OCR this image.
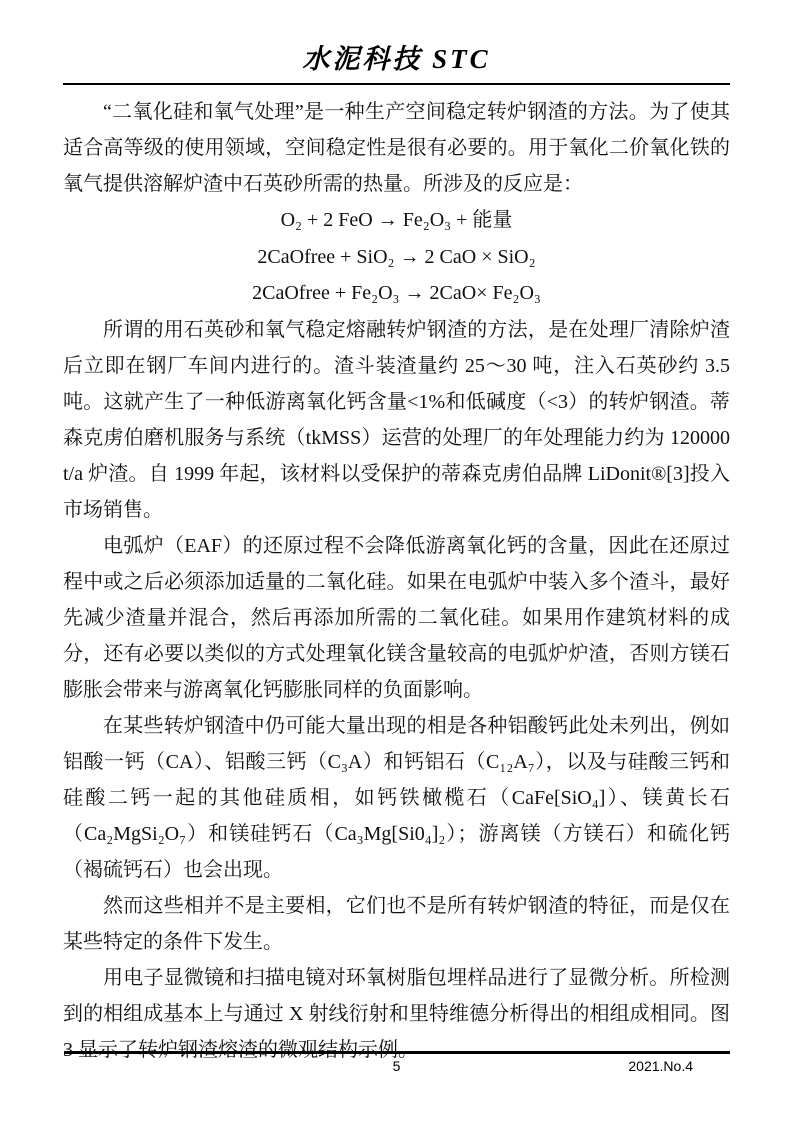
水泥科技 STC

“二氧化硅和氧气处理”是一种生产空间稳定转炉钢渣的方法。为了使其适合高等级的使用领域，空间稳定性是很有必要的。用于氧化二价氧化铁的氧气提供溶解炉渣中石英砂所需的热量。所涉及的反应是：

O₂ + 2 FeO → Fe₂O₃ + 能量
2CaOfree + SiO₂ → 2 CaO × SiO₂
2CaOfree + Fe₂O₃ → 2CaO× Fe₂O₃

所谓的用石英砂和氧气稳定熔融转炉钢渣的方法，是在处理厂清除炉渣后立即在钢厂车间内进行的。渣斗装渣量约 25～30 吨，注入石英砂约 3.5 吨。这就产生了一种低游离氧化钙含量<1%和低碱度（<3）的转炉钢渣。蒂森克虏伯磨机服务与系统（tkMSS）运营的处理厂的年处理能力约为 120000 t/a 炉渣。自 1999 年起，该材料以受保护的蒂森克虏伯品牌 LiDonit®[3]投入市场销售。

电弧炉（EAF）的还原过程不会降低游离氧化钙的含量，因此在还原过程中或之后必须添加适量的二氧化硅。如果在电弧炉中装入多个渣斗，最好先减少渣量并混合，然后再添加所需的二氧化硅。如果用作建筑材料的成分，还有必要以类似的方式处理氧化镁含量较高的电弧炉炉渣，否则方镁石膨胀会带来与游离氧化钙膨胀同样的负面影响。

在某些转炉钢渣中仍可能大量出现的相是各种铝酸钙此处未列出，例如铝酸一钙（CA）、铝酸三钙（C₃A）和钙铝石（C₁₂A₇），以及与硅酸三钙和硅酸二钙一起的其他硅质相，如钙铁橄榄石（CaFe[SiO₄]）、镁黄长石（Ca₂MgSi₂O₇）和镁硅钙石（Ca₃Mg[Si0₄]₂）；游离镁（方镁石）和硫化钙（褐硫钙石）也会出现。

然而这些相并不是主要相，它们也不是所有转炉钢渣的特征，而是仅在某些特定的条件下发生。

用电子显微镜和扫描电镜对环氧树脂包埋样品进行了显微分析。所检测到的相组成基本上与通过 X 射线衍射和里特维德分析得出的相组成相同。图 3 显示了转炉钢渣熔渣的微观结构示例。

5	2021.No.4
